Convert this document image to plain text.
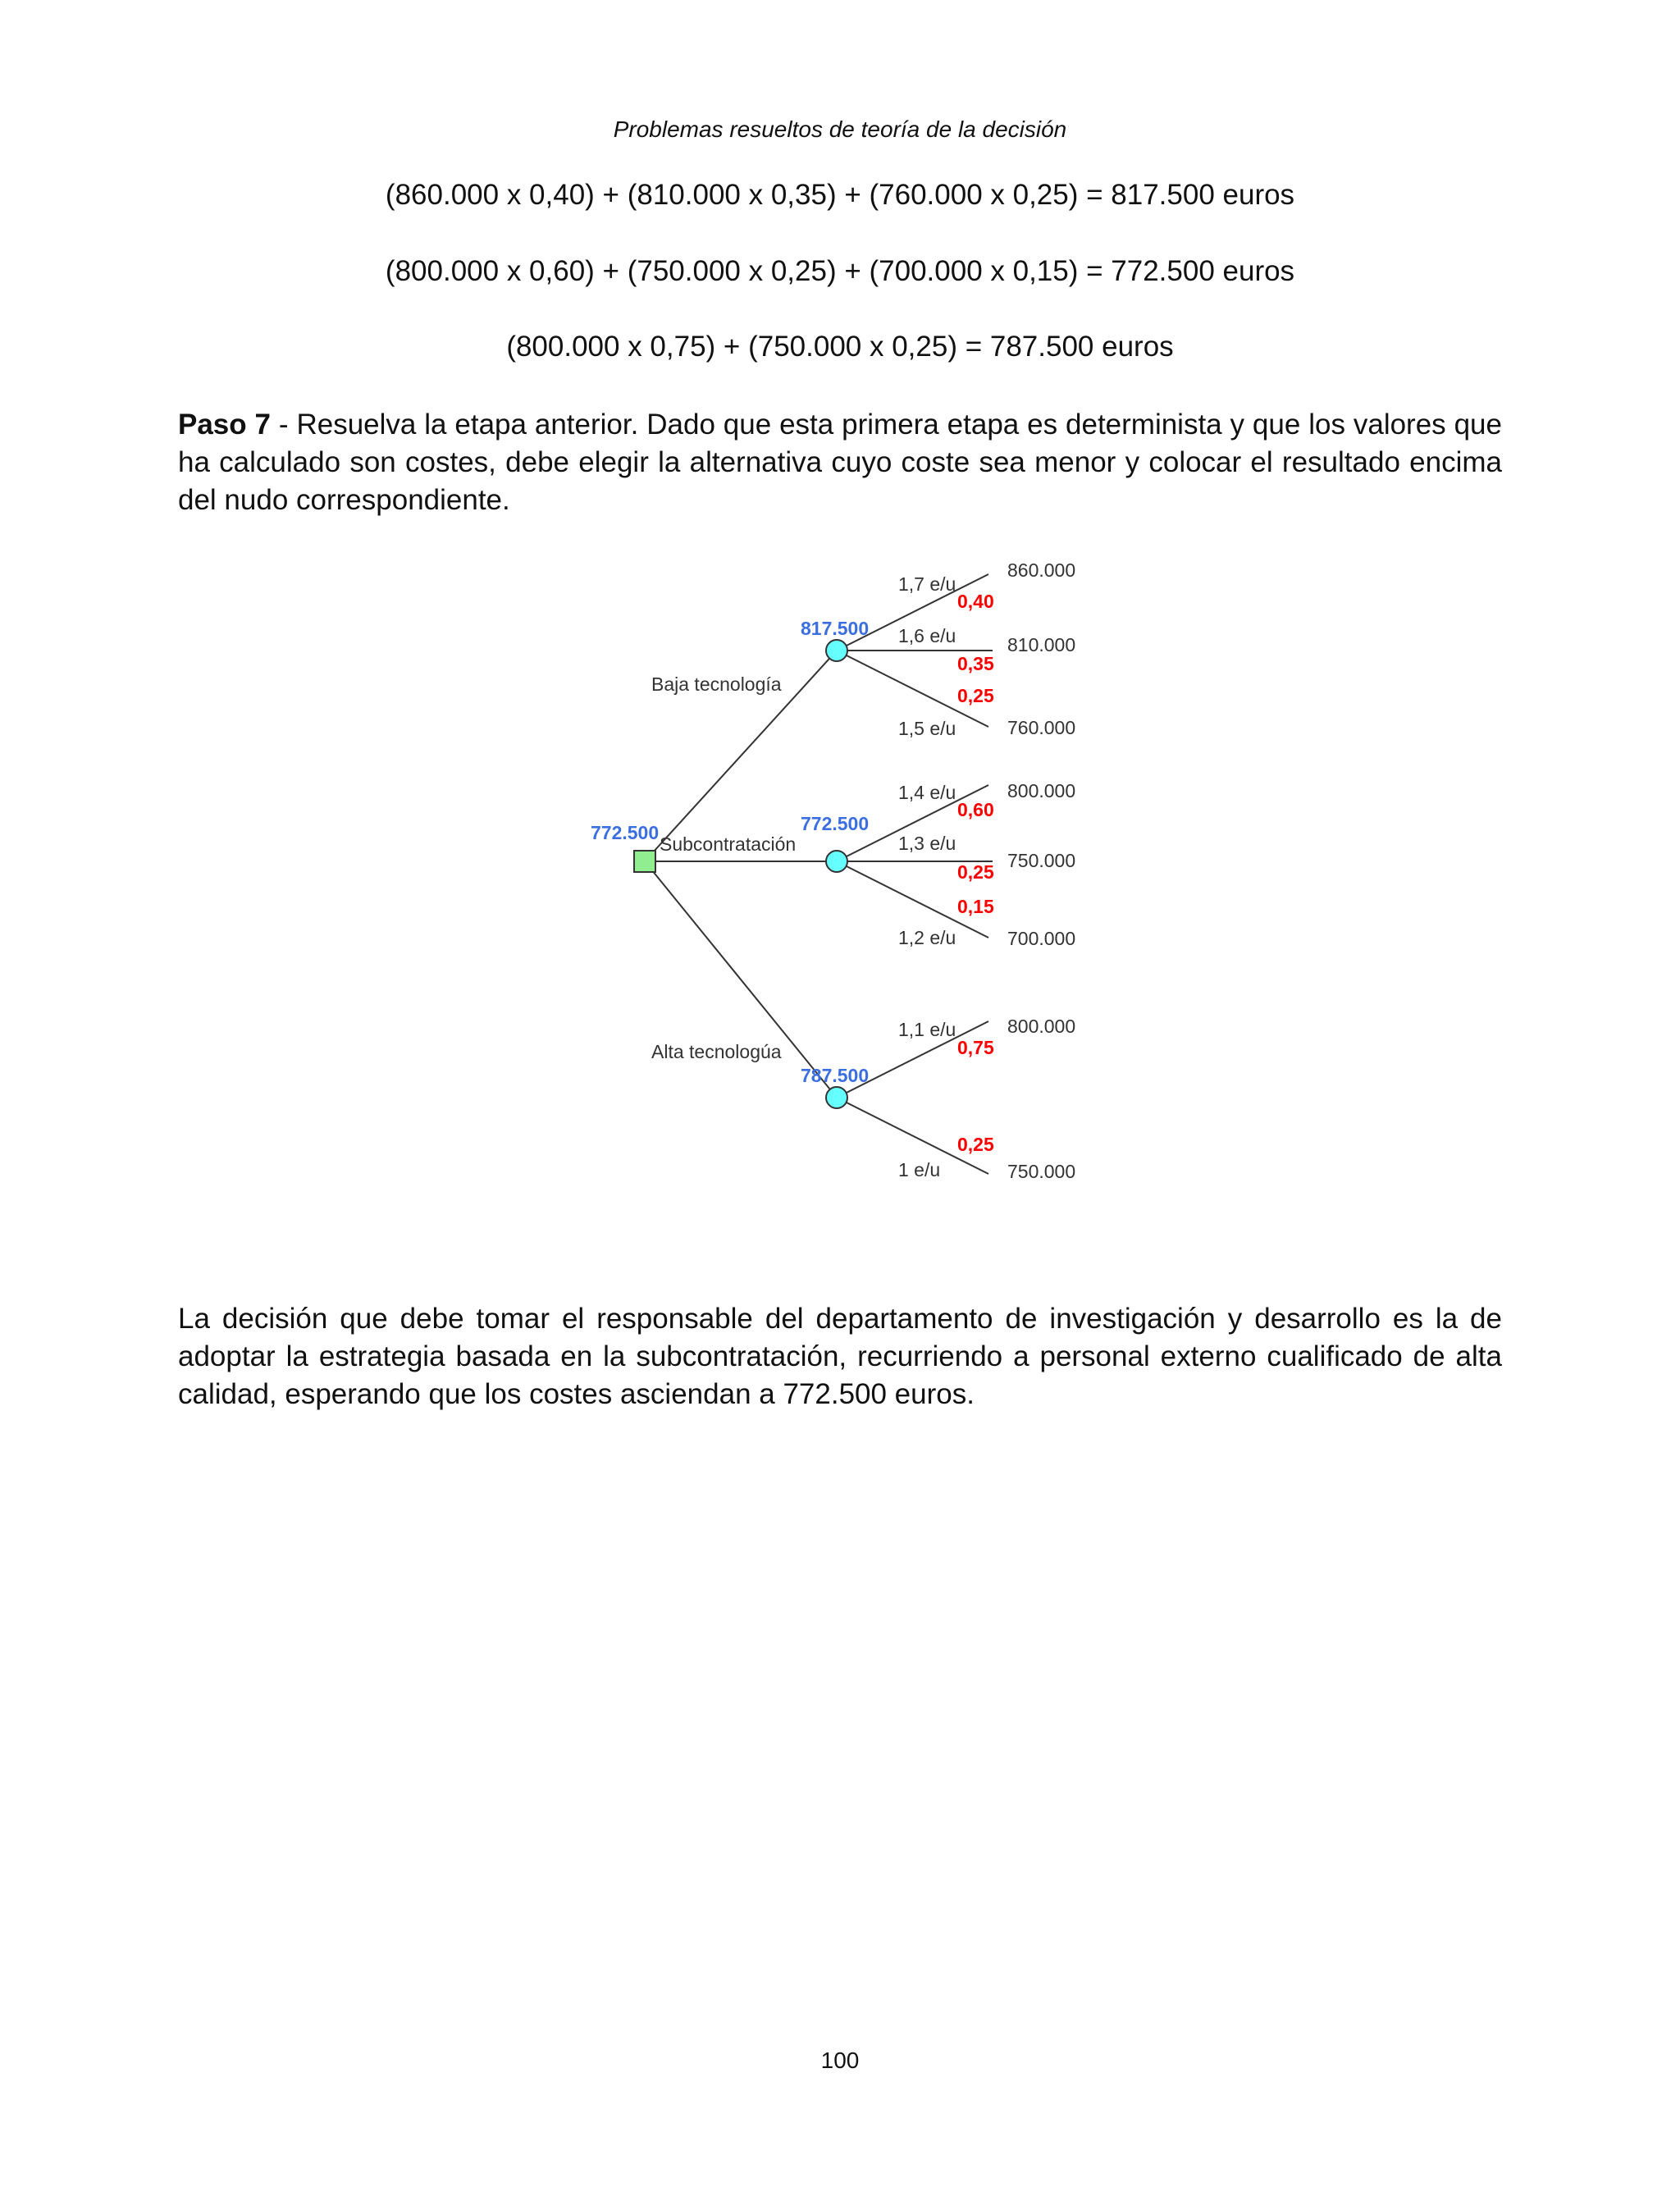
Problemas resueltos de teoría de la decisión
(860.000 x 0,40) + (810.000 x 0,35) + (760.000 x 0,25) = 817.500 euros
(800.000 x 0,60) + (750.000 x 0,25) + (700.000 x 0,15) = 772.500 euros
(800.000 x 0,75) + (750.000 x 0,25) = 787.500 euros
Paso 7 - Resuelva la etapa anterior. Dado que esta primera etapa es determinista y que los valores que ha calculado son costes, debe elegir la alternativa cuyo coste sea menor y colocar el resultado encima del nudo correspondiente.
772.500
Baja tecnología
Subcontratación
Alta tecnologúa
817.500
772.500
787.500
1,7 e/u
0,40
860.000
1,6 e/u
0,35
810.000
0,25
1,5 e/u	760.000
1,4 e/u
0,60
800.000
1,3 e/u
0,25
750.000
0,15
1,2 e/u	700.000
1,1 e/u
0,75
800.000
0,25
1 e/u	750.000
La decisión que debe tomar el responsable del departamento de investigación y desarrollo es la de adoptar la estrategia basada en la subcontratación, recurriendo a personal externo cualificado de alta calidad, esperando que los costes asciendan a 772.500 euros.
100
